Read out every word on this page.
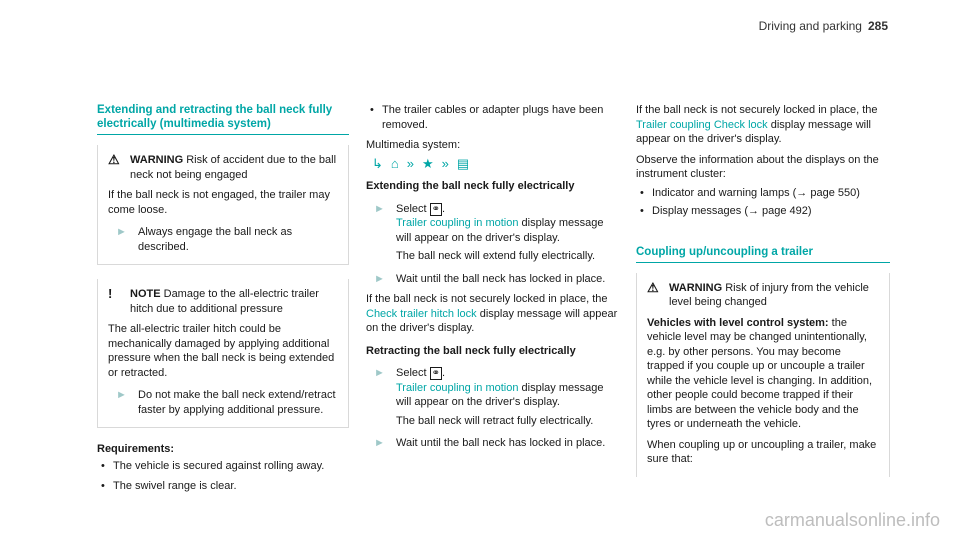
Driving and parking 285
Extending and retracting the ball neck fully
electrically (multimedia system)
⚠ WARNING Risk of accident due to the ball neck not being engaged

If the ball neck is not engaged, the trailer may come loose.

► Always engage the ball neck as described.
!	NOTE Damage to the all-electric trailer hitch due to additional pressure

The all-electric trailer hitch could be mechanically damaged by applying additional pressure when the ball neck is being extended or retracted.

► Do not make the ball neck extend/retract faster by applying additional pressure.
Requirements:
• The vehicle is secured against rolling away.
• The swivel range is clear.
• The trailer cables or adapter plugs have been removed.
Multimedia system:
↳ ⌂ » ★ » ▤
Extending the ball neck fully electrically
► Select ⚭ .
Trailer coupling in motion display message will appear on the driver's display.
The ball neck will extend fully electrically.
► Wait until the ball neck has locked in place.
If the ball neck is not securely locked in place, the Check trailer hitch lock display message will appear on the driver's display.
Retracting the ball neck fully electrically
► Select ⚭ .
Trailer coupling in motion display message will appear on the driver's display.
The ball neck will retract fully electrically.
► Wait until the ball neck has locked in place.
If the ball neck is not securely locked in place, the Trailer coupling Check lock display message will appear on the driver's display.
Observe the information about the displays on the instrument cluster:
• Indicator and warning lamps (→ page 550)
• Display messages (→ page 492)
Coupling up/uncoupling a trailer
⚠ WARNING Risk of injury from the vehicle level being changed

Vehicles with level control system: the vehicle level may be changed unintentionally, e.g. by other persons. You may become trapped if you couple up or uncouple a trailer while the vehicle level is changing. In addition, other people could become trapped if their limbs are between the vehicle body and the tyres or underneath the vehicle.

When coupling up or uncoupling a trailer, make sure that:

carmanualsonline.info
